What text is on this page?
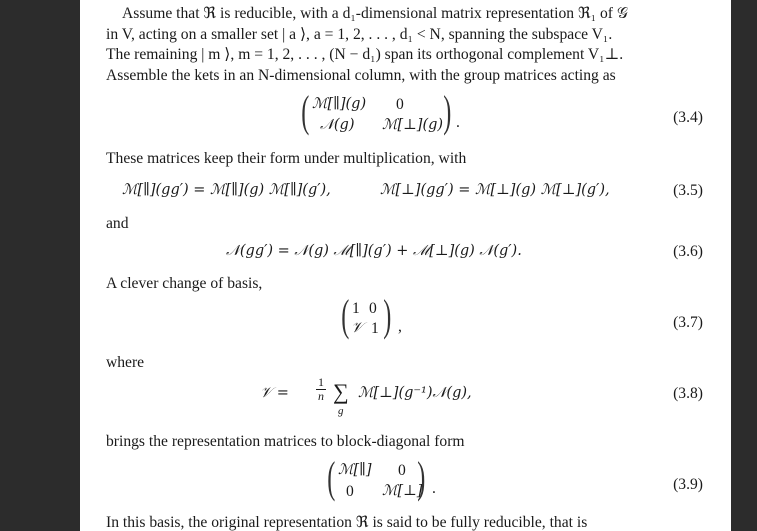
Assume that ℜ is reducible, with a d₁-dimensional matrix representation ℜ₁ of 𝒢
in V, acting on a smaller set | a ⟩, a = 1, 2, . . . , d₁ < N, spanning the subspace V₁.
The remaining | m ⟩, m = 1, 2, . . . , (N − d₁) span its orthogonal complement V₁⊥.
Assemble the kets in an N-dimensional column, with the group matrices acting as
( ℳ[∥](g) 0
𝒩(g) ℳ[⊥](g) ) .	(3.4)
These matrices keep their form under multiplication, with
ℳ[∥](gg′) = ℳ[∥](g) ℳ[∥](g′),	ℳ[⊥](gg′) = ℳ[⊥](g) ℳ[⊥](g′),	(3.5)
and
𝒩(gg′) = 𝒩(g) ℳ[∥](g′) + ℳ[⊥](g) 𝒩(g′).	(3.6)
A clever change of basis,
( 1 0
𝒱 1 ) ,	(3.7)
where
𝒱 = $\frac{1}{n}$ ∑
g
ℳ[⊥](g⁻¹)𝒩(g),	(3.8)
brings the representation matrices to block-diagonal form
( ℳ[∥] 0
0 ℳ[⊥]
) .	(3.9)
In this basis, the original representation ℜ is said to be fully reducible, that is
